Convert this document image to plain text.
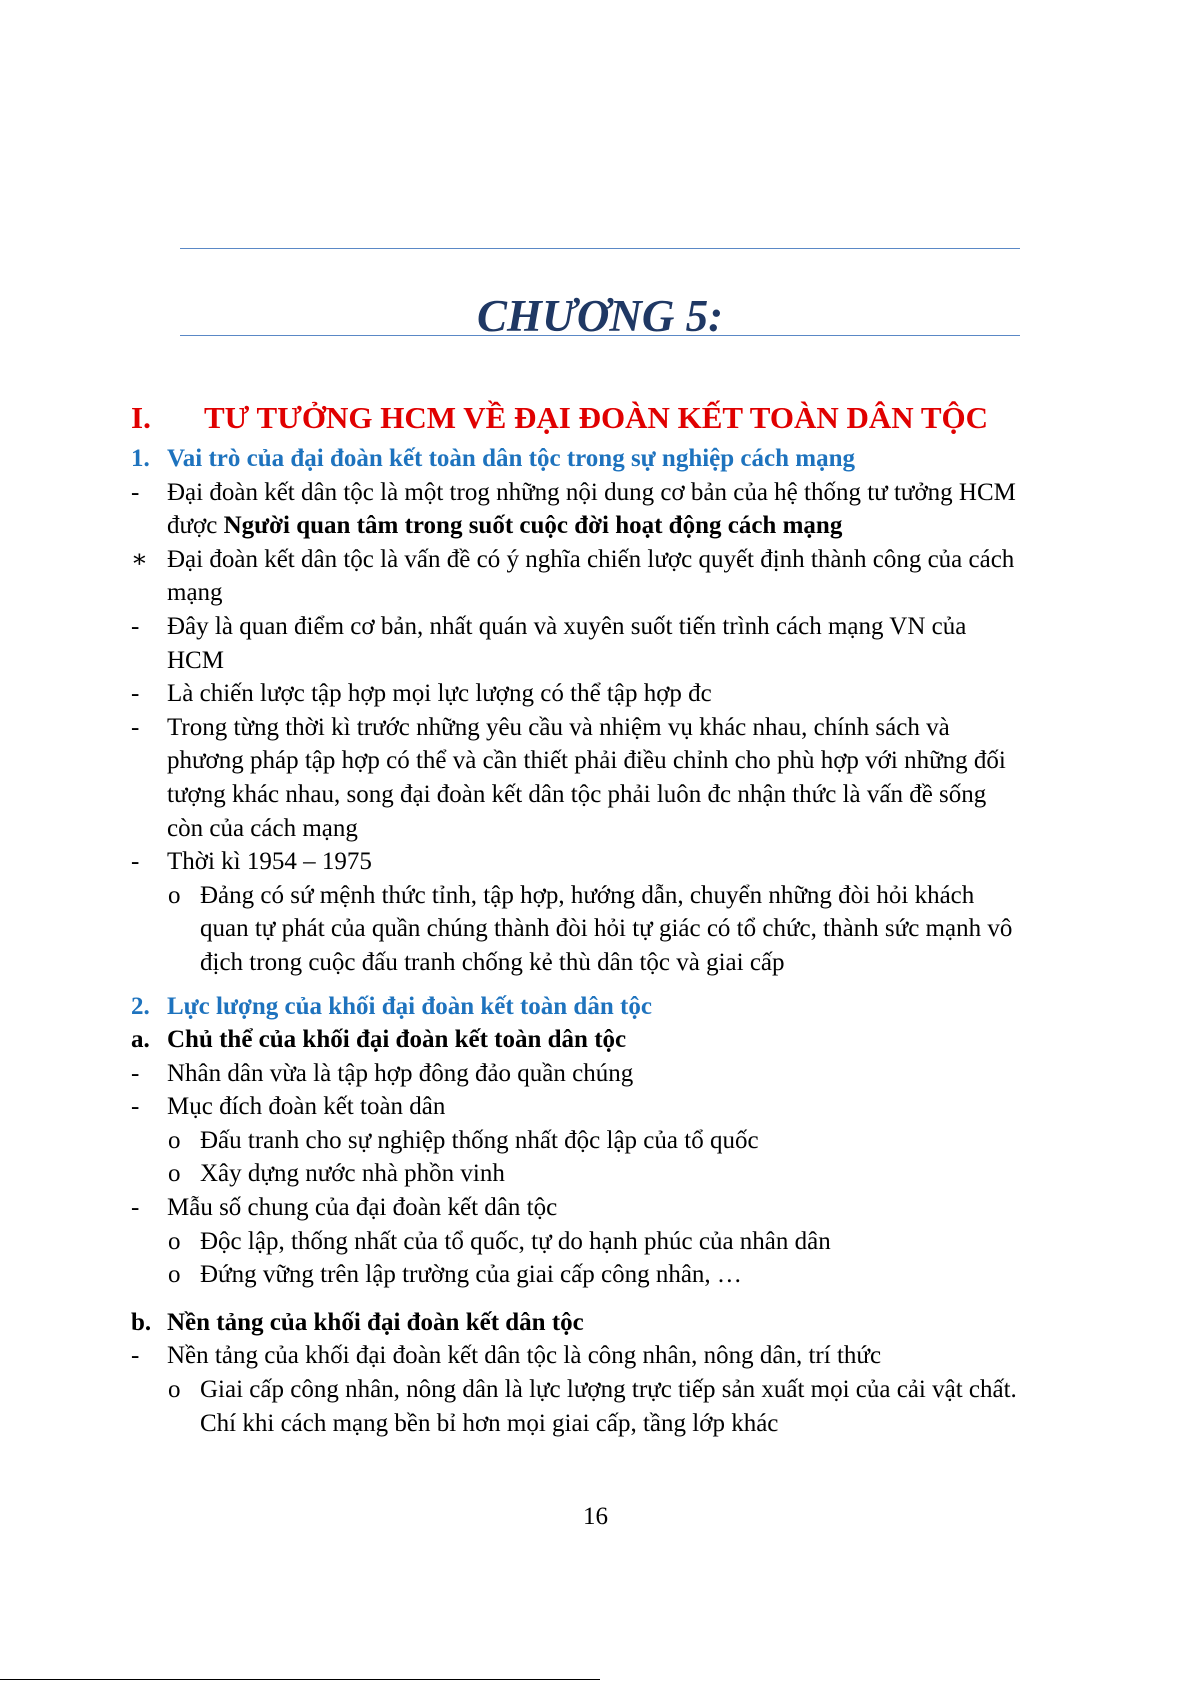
CHƯƠNG 5:
I. TƯ TƯỞNG HCM VỀ ĐẠI ĐOÀN KẾT TOÀN DÂN TỘC
1. Vai trò của đại đoàn kết toàn dân tộc trong sự nghiệp cách mạng
- Đại đoàn kết dân tộc là một trog những nội dung cơ bản của hệ thống tư tưởng HCM
được Người quan tâm trong suốt cuộc đời hoạt động cách mạng
∗ Đại đoàn kết dân tộc là vấn đề có ý nghĩa chiến lược quyết định thành công của cách
mạng
- Đây là quan điểm cơ bản, nhất quán và xuyên suốt tiến trình cách mạng VN của
HCM
- Là chiến lược tập hợp mọi lực lượng có thể tập hợp đc
- Trong từng thời kì trước những yêu cầu và nhiệm vụ khác nhau, chính sách và
phương pháp tập hợp có thể và cần thiết phải điều chỉnh cho phù hợp với những đối
tượng khác nhau, song đại đoàn kết dân tộc phải luôn đc nhận thức là vấn đề sống
còn của cách mạng
- Thời kì 1954 – 1975
o Đảng có sứ mệnh thức tỉnh, tập hợp, hướng dẫn, chuyển những đòi hỏi khách
quan tự phát của quần chúng thành đòi hỏi tự giác có tổ chức, thành sức mạnh vô
địch trong cuộc đấu tranh chống kẻ thù dân tộc và giai cấp
2. Lực lượng của khối đại đoàn kết toàn dân tộc
a. Chủ thể của khối đại đoàn kết toàn dân tộc
- Nhân dân vừa là tập hợp đông đảo quần chúng
- Mục đích đoàn kết toàn dân
o Đấu tranh cho sự nghiệp thống nhất độc lập của tổ quốc
o Xây dựng nước nhà phồn vinh
- Mẫu số chung của đại đoàn kết dân tộc
o Độc lập, thống nhất của tổ quốc, tự do hạnh phúc của nhân dân
o Đứng vững trên lập trường của giai cấp công nhân, …
b. Nền tảng của khối đại đoàn kết dân tộc
- Nền tảng của khối đại đoàn kết dân tộc là công nhân, nông dân, trí thức
o Giai cấp công nhân, nông dân là lực lượng trực tiếp sản xuất mọi của cải vật chất.
Chí khi cách mạng bền bỉ hơn mọi giai cấp, tầng lớp khác
16
